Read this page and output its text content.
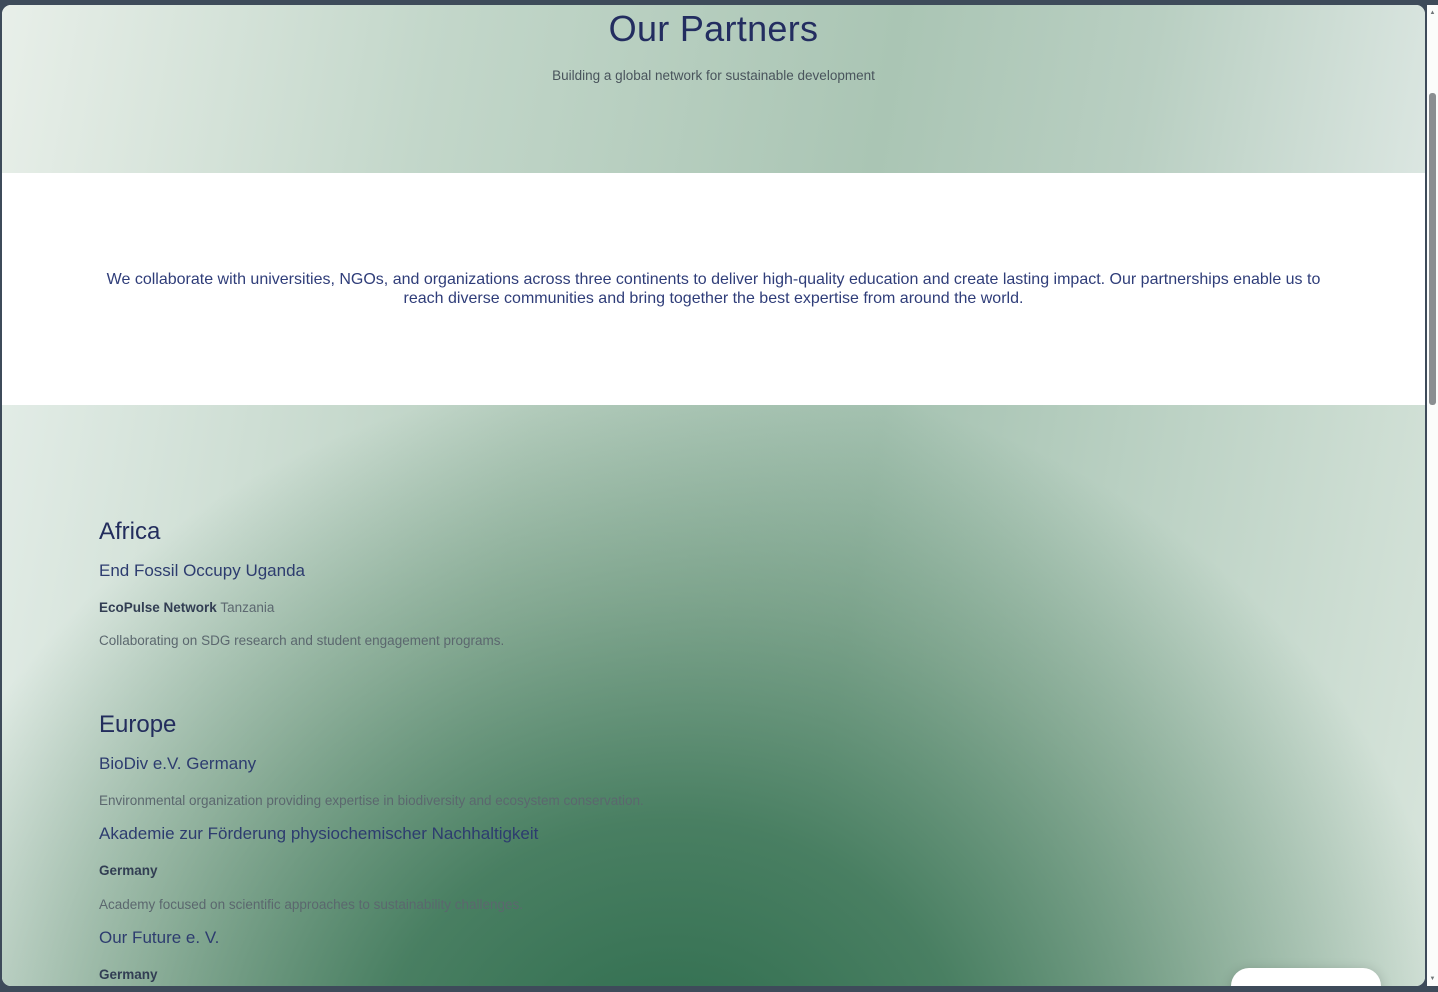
Our Partners

Building a global network for sustainable development

We collaborate with universities, NGOs, and organizations across three continents to deliver high-quality education and create lasting impact. Our partnerships enable us to reach diverse communities and bring together the best expertise from around the world.

Africa

End Fossil Occupy Uganda

EcoPulse Network Tanzania

Collaborating on SDG research and student engagement programs.

Europe

BioDiv e.V. Germany

Environmental organization providing expertise in biodiversity and ecosystem conservation.

Akademie zur Förderung physiochemischer Nachhaltigkeit

Germany

Academy focused on scientific approaches to sustainability challenges.

Our Future e. V.

Germany

▲
▼
